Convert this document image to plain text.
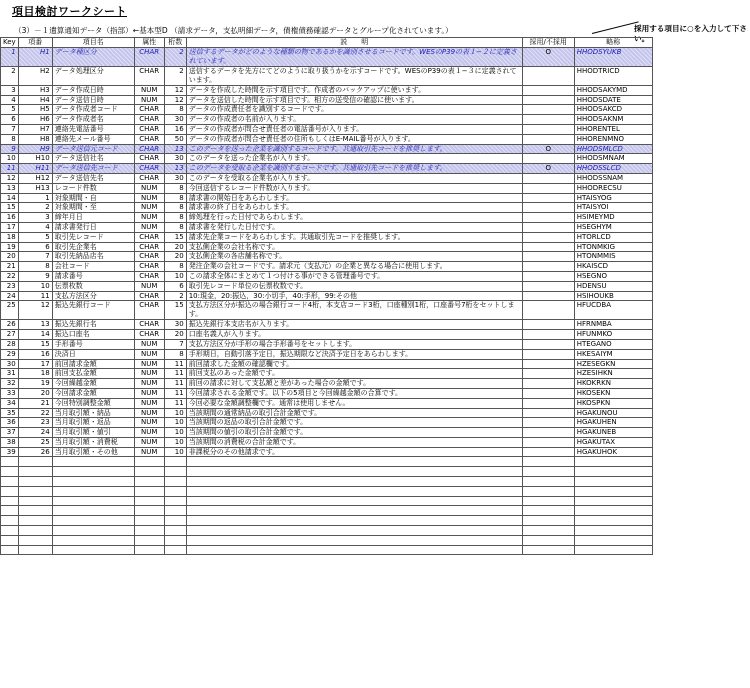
項目検討ワークシート
（3）－１遺算通知データ（指部）←基本型D （請求データ，支払明細データ，債権債務確認データとグループ化されています。）	採用する項目に○を入力して下さい。
Key	項番	項目名	属性	桁数	説　　明	採用/不採用	略称
1	H1	データ種区分	CHAR	2	送信するデータがどのような種類の物であるかを識別させるコードです。WESのP39の表１−２に定義されています。	O	HHODSYUKB
2	H2	データ処理区分	CHAR	2	送信するデータを先方にてどのように取り扱うかを示すコードです。WESのP39の表１−３に定義されています。		HHODTRICD
3	H3	データ作成日時	NUM	12	データを作成した時間を示す項目です。作成者のバックアップに使います。		HHODSAKYMD
4	H4	データ送信日時	NUM	12	データを送信した時間を示す項目です。相方の送受信の確認に使います。		HHODSDATE
5	H5	データ作成者コード	CHAR	8	データの作成責任者を識別するコードです。		HHODSAKCD
6	H6	データ作成者名	CHAR	30	データの作成者の名前が入ります。		HHODSAKNM
7	H7	連絡先電話番号	CHAR	16	データの作成者が問合せ責任者の電話番号が入ります。		HHORENTEL
8	H8	連絡先メール番号	CHAR	50	データの作成者が問合せ責任者の住所もしくはE-MAIL番号が入ります。		HHORENMNO
9	H9	データ送信元コード	CHAR	13	このデータを送った企業を識別するコードです。共通取引先コードを推奨します。	O	HHODSMLCD
10	H10	データ送信社名	CHAR	30	このデータを送った企業名が入ります。		HHODSMNAM
11	H11	データ送信先コード	CHAR	13	このデータを受取る企業を識別するコードです。共通取引先コードを推奨します。	O	HHODSSLCD
12	H12	データ送信先名	CHAR	30	このデータを受取る企業名が入ります。		HHODSSNAM
13	H13	レコード件数	NUM	8	今回送信するレコード件数が入ります。		HHODRECSU
14	1	対象期間・自	NUM	8	請求書の開始日をあらわします。		HTAISYOG
15	2	対象期間・至	NUM	8	請求書の終了日をあらわします。		HTAISYOI
16	3	締年月日	NUM	8	締処理を行った日付であらわします。		HSIMEYMD
17	4	請求書発行日	NUM	8	請求書を発行した日付です。		HSEGHYM
18	5	取引先レコード	CHAR	15	請求先企業コードをあらわします。共通取引先コードを推奨します。		HTORLCD
19	6	取引先企業名	CHAR	20	支払側企業の会社名称です。		HTONMKIG
20	7	取引先納品店名	CHAR	20	支払側企業の各店舗名称です。		HTONMMIS
21	8	会社コード	CHAR	8	発注企業の会社コードです。請求元（支払元）の企業と異なる場合に使用します。		HKAISCD
22	9	請求番号	CHAR	10	この請求全体にまとめて１つ付ける事ができる管理番号です。		HSEGNO
23	10	伝票枚数	NUM	6	取引先レコード単位の伝票枚数です。		HDENSU
24	11	支払方法区分	CHAR	2	10:現金，20:振込，30:小切手，40:手形，99:その他		HSIHOUKB
25	12	振込先銀行コード	CHAR	15	支払方法区分が振込の場合銀行コード4桁，本支店コード3桁，口座種別1桁，口座番号7桁をセットします。		HFUCDBA
26	13	振込先銀行名	CHAR	30	振込先銀行本支店名が入ります。		HFRNMBA
27	14	振込口座名	CHAR	20	口座名義人が入ります。		HFUNMKO
28	15	手形番号	NUM	7	支払方法区分が手形の場合手形番号をセットします。		HTEGANO
29	16	決済日	NUM	8	手形期日，自動引落予定日，振込期限など決済予定日をあらわします。		HKESAIYM
30	17	前回請求金額	NUM	11	前回請求した金額の確認欄です。		HZESEGKN
31	18	前回支払金額	NUM	11	前回支払のあった金額です。		HZESIHKN
32	19	今回繰越金額	NUM	11	前回の請求に対して支払額と差があった場合の金額です。		HKOKRKN
33	20	今回請求金額	NUM	11	今回請求される金額です。以下の5項目と今回繰越金額の合算です。		HKOSEKN
34	21	今回特別調整金額	NUM	11	今回必要な金額調整欄です。通常は使用しません。		HKOSPKN
35	22	当月取引額・納品	NUM	10	当該期間の通常納品の取引合計金額です。		HGAKUNOU
36	23	当月取引額・返品	NUM	10	当該期間の返品の取引合計金額です。		HGAKUHEN
37	24	当月取引額・値引	NUM	10	当該期間の値引の取引合計金額です。		HGAKUNEB
38	25	当月取引額・消費税	NUM	10	当該期間の消費税の合計金額です。		HGAKUTAX
39	26	当月取引額・その他	NUM	10	非課税分のその他請求です。		HGAKUHOK
